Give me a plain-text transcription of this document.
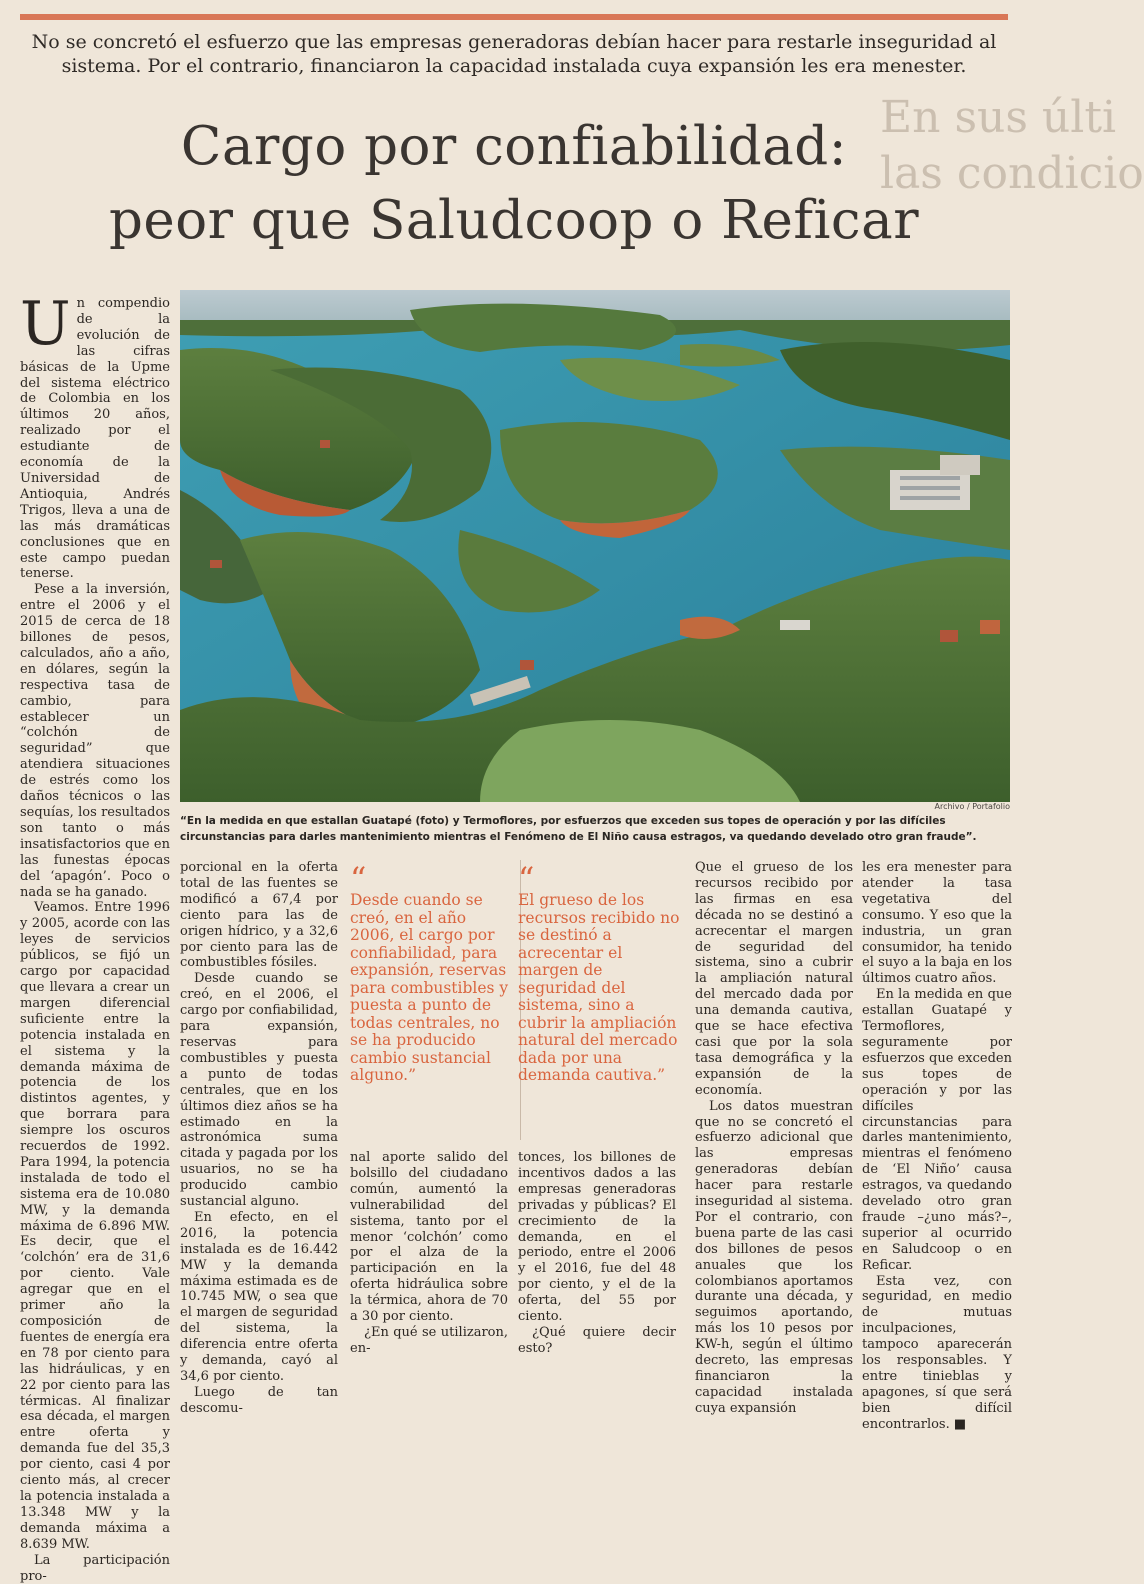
No se concretó el esfuerzo que las empresas generadoras debían hacer para restarle inseguridad al sistema. Por el contrario, financiaron la capacidad instalada cuya expansión les era menester.
En sus últi
las condicio
Cargo por confiabilidad:
peor que Saludcoop o Reficar

Un compendio de la evolución de las cifras básicas de la Upme del sistema eléctrico de Colombia en los últimos 20 años, realizado por el estudiante de economía de la Universidad de Antioquia, Andrés Trigos, lleva a una de las más dramáticas conclusiones que en este campo puedan tenerse.

Pese a la inversión, entre el 2006 y el 2015 de cerca de 18 billones de pesos, calculados, año a año, en dólares, según la respectiva tasa de cambio, para establecer un “colchón de seguridad” que atendiera situaciones de estrés como los daños técnicos o las sequías, los resultados son tanto o más insatisfactorios que en las funestas épocas del ‘apagón’. Poco o nada se ha ganado.

Veamos. Entre 1996 y 2005, acorde con las leyes de servicios públicos, se fijó un cargo por capacidad que llevara a crear un margen diferencial suficiente entre la potencia instalada en el sistema y la demanda máxima de potencia de los distintos agentes, y que borrara para siempre los oscuros recuerdos de 1992. Para 1994, la potencia instalada de todo el sistema era de 10.080 MW, y la demanda máxima de 6.896 MW. Es decir, que el ‘colchón’ era de 31,6 por ciento. Vale agregar que en el primer año la composición de fuentes de energía era en 78 por ciento para las hidráulicas, y en 22 por ciento para las térmicas. Al finalizar esa década, el margen entre oferta y demanda fue del 35,3 por ciento, casi 4 por ciento más, al crecer la potencia instalada a 13.348 MW y la demanda máxima a 8.639 MW.

La participación pro-

Archivo / Portafolio
“En la medida en que estallan Guatapé (foto) y Termoflores, por esfuerzos que exceden sus topes de operación y por las difíciles circunstancias para darles mantenimiento mientras el Fenómeno de El Niño causa estragos, va quedando develado otro gran fraude”.

porcional en la oferta total de las fuentes se modificó a 67,4 por ciento para las de origen hídrico, y a 32,6 por ciento para las de combustibles fósiles.

Desde cuando se creó, en el 2006, el cargo por confiabilidad, para expansión, reservas para combustibles y puesta a punto de todas centrales, que en los últimos diez años se ha estimado en la astronómica suma citada y pagada por los usuarios, no se ha producido cambio sustancial alguno.

En efecto, en el 2016, la potencia instalada es de 16.442 MW y la demanda máxima estimada es de 10.745 MW, o sea que el margen de seguridad del sistema, la diferencia entre oferta y demanda, cayó al 34,6 por ciento.

Luego de tan descomu-

“
Desde cuando se creó, en el año 2006, el cargo por confiabilidad, para expansión, reservas para combustibles y puesta a punto de todas centrales, no se ha producido cambio sustancial alguno.”
“
El grueso de los recursos recibido no se destinó a acrecentar el margen de seguridad del sistema, sino a cubrir la ampliación natural del mercado dada por una demanda cautiva.”

nal aporte salido del bolsillo del ciudadano común, aumentó la vulnerabilidad del sistema, tanto por el menor ‘colchón’ como por el alza de la participación en la oferta hidráulica sobre la térmica, ahora de 70 a 30 por ciento.

¿En qué se utilizaron, en-

tonces, los billones de incentivos dados a las empresas generadoras privadas y públicas? El crecimiento de la demanda, en el periodo, entre el 2006 y el 2016, fue del 48 por ciento, y el de la oferta, del 55 por ciento.

¿Qué quiere decir esto?

Que el grueso de los recursos recibido por las firmas en esa década no se destinó a acrecentar el margen de seguridad del sistema, sino a cubrir la ampliación natural del mercado dada por una demanda cautiva, que se hace efectiva casi que por la sola tasa demográfica y la expansión de la economía.

Los datos muestran que no se concretó el esfuerzo adicional que las empresas generadoras debían hacer para restarle inseguridad al sistema. Por el contrario, con buena parte de las casi dos billones de pesos anuales que los colombianos aportamos durante una década, y seguimos aportando, más los 10 pesos por KW-h, según el último decreto, las empresas financiaron la capacidad instalada cuya expansión

les era menester para atender la tasa vegetativa del consumo. Y eso que la industria, un gran consumidor, ha tenido el suyo a la baja en los últimos cuatro años.

En la medida en que estallan Guatapé y Termoflores, seguramente por esfuerzos que exceden sus topes de operación y por las difíciles circunstancias para darles mantenimiento, mientras el fenómeno de ‘El Niño’ causa estragos, va quedando develado otro gran fraude –¿uno más?–, superior al ocurrido en Saludcoop o en Reficar.

Esta vez, con seguridad, en medio de mutuas inculpaciones, tampoco aparecerán los responsables. Y entre tinieblas y apagones, sí que será bien difícil encontrarlos. ■
